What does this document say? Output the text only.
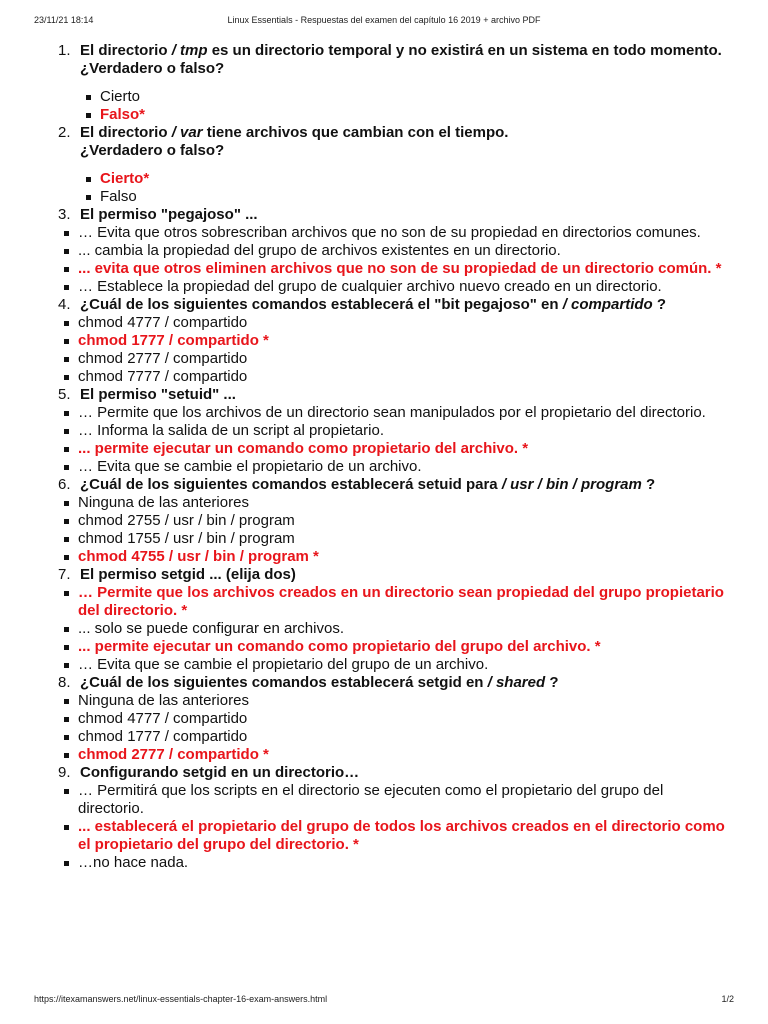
23/11/21 18:14	Linux Essentials - Respuestas del examen del capítulo 16 2019 + archivo PDF
1. El directorio / tmp es un directorio temporal y no existirá en un sistema en todo momento.
¿Verdadero o falso?
Cierto
Falso*
2. El directorio / var tiene archivos que cambian con el tiempo.
¿Verdadero o falso?
Cierto*
Falso
3. El permiso "pegajoso" ...
… Evita que otros sobrescriban archivos que no son de su propiedad en directorios comunes.
... cambia la propiedad del grupo de archivos existentes en un directorio.
... evita que otros eliminen archivos que no son de su propiedad de un directorio común. *
… Establece la propiedad del grupo de cualquier archivo nuevo creado en un directorio.
4. ¿Cuál de los siguientes comandos establecerá el "bit pegajoso" en / compartido ?
chmod 4777 / compartido
chmod 1777 / compartido *
chmod 2777 / compartido
chmod 7777 / compartido
5. El permiso "setuid" ...
… Permite que los archivos de un directorio sean manipulados por el propietario del directorio.
… Informa la salida de un script al propietario.
... permite ejecutar un comando como propietario del archivo. *
… Evita que se cambie el propietario de un archivo.
6. ¿Cuál de los siguientes comandos establecerá setuid para / usr / bin / program ?
Ninguna de las anteriores
chmod 2755 / usr / bin / program
chmod 1755 / usr / bin / program
chmod 4755 / usr / bin / program *
7. El permiso setgid ... (elija dos)
… Permite que los archivos creados en un directorio sean propiedad del grupo propietario del directorio. *
... solo se puede configurar en archivos.
... permite ejecutar un comando como propietario del grupo del archivo. *
… Evita que se cambie el propietario del grupo de un archivo.
8. ¿Cuál de los siguientes comandos establecerá setgid en / shared ?
Ninguna de las anteriores
chmod 4777 / compartido
chmod 1777 / compartido
chmod 2777 / compartido *
9. Configurando setgid en un directorio…
… Permitirá que los scripts en el directorio se ejecuten como el propietario del grupo del directorio.
... establecerá el propietario del grupo de todos los archivos creados en el directorio como el propietario del grupo del directorio. *
…no hace nada.
https://itexamanswers.net/linux-essentials-chapter-16-exam-answers.html	1/2
